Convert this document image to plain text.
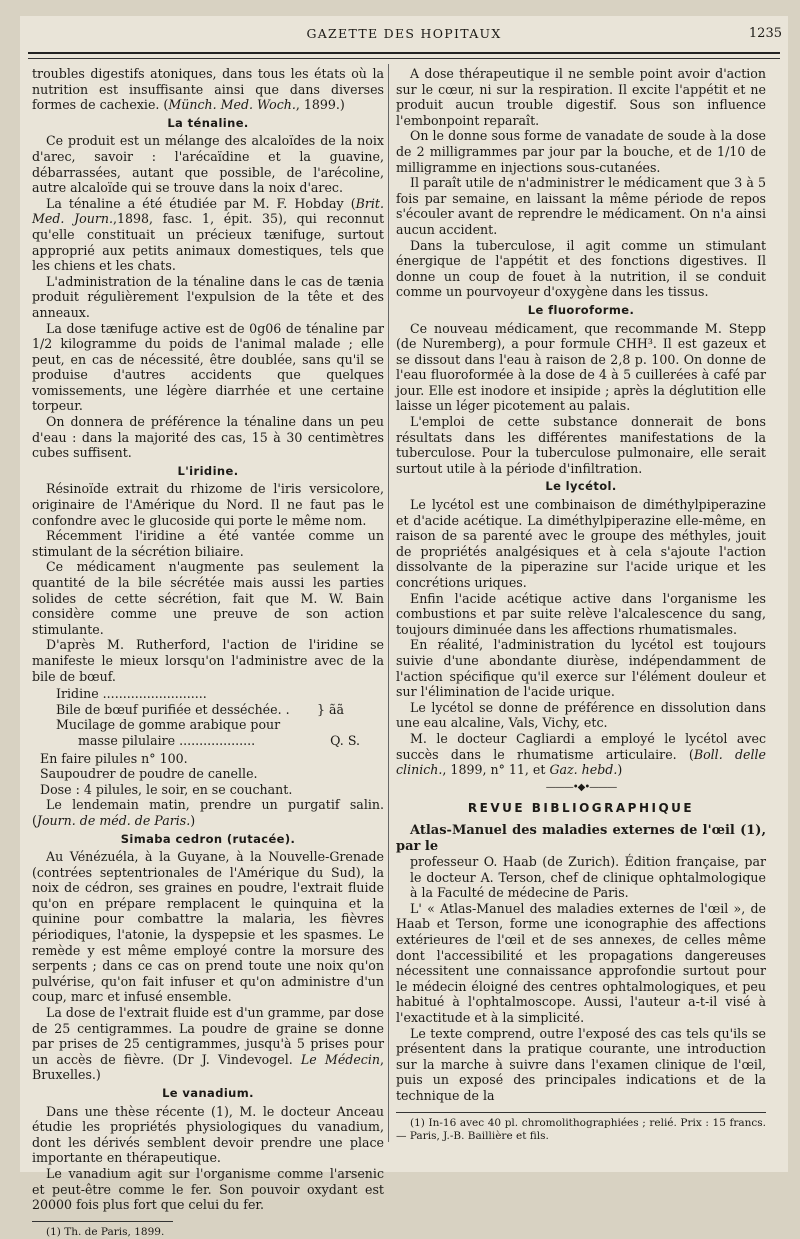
GAZETTE DES HOPITAUX	1235

troubles digestifs atoniques, dans tous les états où la nutrition est insuffisante ainsi que dans diverses formes de cachexie. (Münch. Med. Woch., 1899.)

La ténaline.

Ce produit est un mélange des alcaloïdes de la noix d'arec, savoir : l'arécaïdine et la guavine, débarrassées, autant que possible, de l'arécoline, autre alcaloïde qui se trouve dans la noix d'arec.

La ténaline a été étudiée par M. F. Hobday (Brit. Med. Journ.,1898, fasc. 1, épit. 35), qui reconnut qu'elle constituait un précieux tænifuge, surtout approprié aux petits animaux domestiques, tels que les chiens et les chats.

L'administration de la ténaline dans le cas de tænia produit régulièrement l'expulsion de la tête et des anneaux.

La dose tænifuge active est de 0g06 de ténaline par 1/2 kilogramme du poids de l'animal malade ; elle peut, en cas de nécessité, être doublée, sans qu'il se produise d'autres accidents que quelques vomissements, une légère diarrhée et une certaine torpeur.

On donnera de préférence la ténaline dans un peu d'eau : dans la majorité des cas, 15 à 30 centimètres cubes suffisent.

L'iridine.

Résinoïde extrait du rhizome de l'iris versicolore, originaire de l'Amérique du Nord. Il ne faut pas le confondre avec le glucoside qui porte le même nom.

Récemment l'iridine a été vantée comme un stimulant de la sécrétion biliaire.

Ce médicament n'augmente pas seulement la quantité de la bile sécrétée mais aussi les parties solides de cette sécrétion, fait que M. W. Bain considère comme une preuve de son action stimulante.

D'après M. Rutherford, l'action de l'iridine se manifeste le mieux lorsqu'on l'administre avec de la bile de bœuf.

Iridine ..........................
Bile de bœuf purifiée et desséchée. . } ãã
Mucilage de gomme arabique pour
masse pilulaire ...................	Q. S.

En faire pilules n° 100.

Saupoudrer de poudre de canelle.

Dose : 4 pilules, le soir, en se couchant.

Le lendemain matin, prendre un purgatif salin. (Journ. de méd. de Paris.)

Simaba cedron (rutacée).

Au Vénézuéla, à la Guyane, à la Nouvelle-Grenade (contrées septentrionales de l'Amérique du Sud), la noix de cédron, ses graines en poudre, l'extrait fluide qu'on en prépare remplacent le quinquina et la quinine pour combattre la malaria, les fièvres périodiques, l'atonie, la dyspepsie et les spasmes. Le remède y est même employé contre la morsure des serpents ; dans ce cas on prend toute une noix qu'on pulvérise, qu'on fait infuser et qu'on administre d'un coup, marc et infusé ensemble.

La dose de l'extrait fluide est d'un gramme, par dose de 25 centigrammes. La poudre de graine se donne par prises de 25 centigrammes, jusqu'à 5 prises pour un accès de fièvre. (Dr J. Vindevogel. Le Médecin, Bruxelles.)

Le vanadium.

Dans une thèse récente (1), M. le docteur Anceau étudie les propriétés physiologiques du vanadium, dont les dérivés semblent devoir prendre une place importante en thérapeutique.

Le vanadium agit sur l'organisme comme l'arsenic et peut-être comme le fer. Son pouvoir oxydant est 20000 fois plus fort que celui du fer.

(1) Th. de Paris, 1899.

A dose thérapeutique il ne semble point avoir d'action sur le cœur, ni sur la respiration. Il excite l'appétit et ne produit aucun trouble digestif. Sous son influence l'embonpoint reparaît.

On le donne sous forme de vanadate de soude à la dose de 2 milligrammes par jour par la bouche, et de 1/10 de milligramme en injections sous-cutanées.

Il paraît utile de n'administrer le médicament que 3 à 5 fois par semaine, en laissant la même période de repos s'écouler avant de reprendre le médicament. On n'a ainsi aucun accident.

Dans la tuberculose, il agit comme un stimulant énergique de l'appétit et des fonctions digestives. Il donne un coup de fouet à la nutrition, il se conduit comme un pourvoyeur d'oxygène dans les tissus.

Le fluoroforme.

Ce nouveau médicament, que recommande M. Stepp (de Nuremberg), a pour formule CHH³. Il est gazeux et se dissout dans l'eau à raison de 2,8 p. 100. On donne de l'eau fluoroformée à la dose de 4 à 5 cuillerées à café par jour. Elle est inodore et insipide ; après la déglutition elle laisse un léger picotement au palais.

L'emploi de cette substance donnerait de bons résultats dans les différentes manifestations de la tuberculose. Pour la tuberculose pulmonaire, elle serait surtout utile à la période d'infiltration.

Le lycétol.

Le lycétol est une combinaison de diméthylpiperazine et d'acide acétique. La diméthylpiperazine elle-même, en raison de sa parenté avec le groupe des méthyles, jouit de propriétés analgésiques et à cela s'ajoute l'action dissolvante de la piperazine sur l'acide urique et les concrétions uriques.

Enfin l'acide acétique active dans l'organisme les combustions et par suite relève l'alcalescence du sang, toujours diminuée dans les affections rhumatismales.

En réalité, l'administration du lycétol est toujours suivie d'une abondante diurèse, indépendamment de l'action spécifique qu'il exerce sur l'élément douleur et sur l'élimination de l'acide urique.

Le lycétol se donne de préférence en dissolution dans une eau alcaline, Vals, Vichy, etc.

M. le docteur Cagliardi a employé le lycétol avec succès dans le rhumatisme articulaire. (Boll. delle clinich., 1899, n° 11, et Gaz. hebd.)

———•◆•———
REVUE BIBLIOGRAPHIQUE

Atlas-Manuel des maladies externes de l'œil (1), par le

professeur O. Haab (de Zurich). Édition française, par le docteur A. Terson, chef de clinique ophtalmologique à la Faculté de médecine de Paris.

L' « Atlas-Manuel des maladies externes de l'œil », de Haab et Terson, forme une iconographie des affections extérieures de l'œil et de ses annexes, de celles même dont l'accessibilité et les propagations dangereuses nécessitent une connaissance approfondie surtout pour le médecin éloigné des centres ophtalmologiques, et peu habitué à l'ophtalmoscope. Aussi, l'auteur a-t-il visé à l'exactitude et à la simplicité.

Le texte comprend, outre l'exposé des cas tels qu'ils se présentent dans la pratique courante, une introduction sur la marche à suivre dans l'examen clinique de l'œil, puis un exposé des principales indications et de la technique de la

(1) In-16 avec 40 pl. chromolithographiées ; relié. Prix : 15 francs. — Paris, J.-B. Baillière et fils.
